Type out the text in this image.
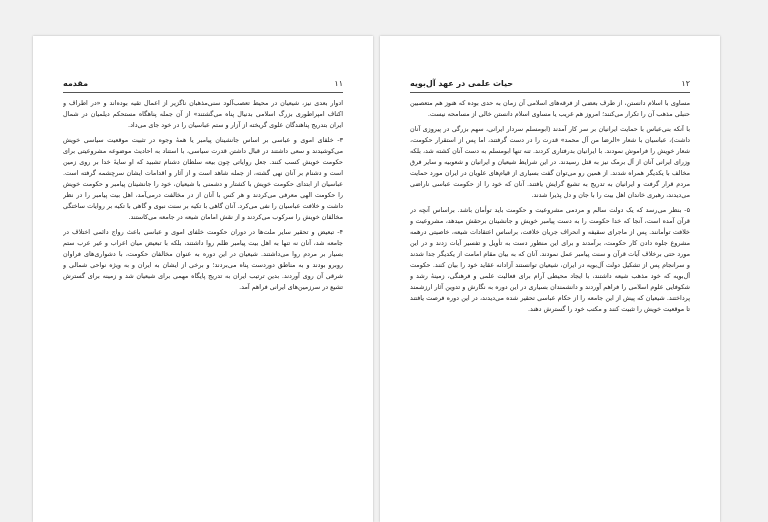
۱۱
مقدمه

ادوار بعدی نیز، شیعیان در محیط تعصب‌آلود سنی‌مذهبان ناگزیر از اعمال تقیه بوده‌اند و «در اطراف و اکناف امپراطوری بزرگ اسلامی بدنیال پناه می‌گشتند» از آن جمله پناهگاه مستحکم دیلمیان در شمال ایران بتدریج پناهندگان علوی گریخته از آزار و ستم عباسیان را در خود جای می‌داد.

۳- خلفای اموی و عباسی بر اساس جانشینان پیامبر یا همهٔ وجوه در تثبیت موقعیت سیاسی خویش می‌کوشیدند و سعی داشتند در قبال داشتن قدرت سیاسی، با استناد به احادیث موضوعه مشروعیتی برای حکومت خویش کسب کنند. جعل روایاتی چون بیعه سلطان دشنام تشبید که او سایهٔ خدا بر روی زمین است و دشنام بر آنان نهی گشته، از جمله شاهد است و از آثار و اقدامات ایشان سرچشمه گرفته است. عباسیان از ابتدای حکومت خویش با کشتار و دشمنی با شیعیان، خود را جانشینان پیامبر و حکومت خویش را حکومت الهی معرفی می‌کردند و هر کس با آنان از در مخالفت درمی‌آمد، اهل بیت پیامبر را در نظر داشت و خلافت عباسیان را نفی می‌کرد. آنان گاهی با تکیه بر سنت نبوی و گاهی با تکیه بر روایات ساختگی مخالفان خویش را سرکوب می‌کردند و از نقش امامان شیعه در جامعه می‌کاستند.

۴- تبعیض و تحقیر سایر ملت‌ها در دوران حکومت خلفای اموی و عباسی باعث رواج دائمی اختلاف در جامعه شد، آنان نه تنها به اهل بیت پیامبر ظلم روا داشتند، بلکه با تبعیض میان اعراب و غیر عرب ستم بسیار بر مردم روا می‌داشتند. شیعیان در این دوره به عنوان مخالفان حکومت، با دشواری‌های فراوان روبرو بودند و به مناطق دوردست پناه می‌بردند؛ و برخی از ایشان به ایران و به ویژه نواحی شمالی و شرقی آن روی آوردند. بدین ترتیب ایران به تدریج پایگاه مهمی برای شیعیان شد و زمینه برای گسترش تشیع در سرزمین‌های ایرانی فراهم آمد.

۱۲
حیات علمی در عهد آل‌بویه

مساوی با اسلام دانستن، از طرف بعضی از فرقه‌های اسلامی آن زمان به حدی بوده که هنوز هم متعصبین حنبلی مذهب آن را تکرار می‌کنند؛ امروز هم غریب یا مساوی اسلام دانستن خالی از مسامحه نیست.

با آنکه بنی‌عباس با حمایت ایرانیان بر سر کار آمدند (ابومسلم سردار ایرانی، سهم بزرگی در پیروزی آنان داشت)، عباسیان با شعار «الرضا من آل محمد» قدرت را در دست گرفتند، اما پس از استقرار حکومت، شعار خویش را فراموش نمودند. با ایرانیان بدرفتاری کردند. تنه تنها ابومسلم به دست آنان کشته شد، بلکه وزرای ایرانی آنان از آل برمک نیز به قتل رسیدند. در این شرایط شیعیان و ایرانیان و شعوبیه و سایر فرق مخالف با یکدیگر همراه شدند. از همین رو می‌توان گفت بسیاری از قیام‌های علویان در ایران مورد حمایت مردم قرار گرفت و ایرانیان به تدریج به تشیع گرایش یافتند. آنان که خود را از حکومت عباسی ناراضی می‌دیدند، رهبری خاندان اهل بیت را با جان و دل پذیرا شدند.

۵- بنظر می‌رسد که یک دولت سالم و مردمی مشروعیت و حکومت باید توأمان باشد. براساس آنچه در قرآن آمده است، آنجا که خدا حکومت را به دست پیامبر خویش و جانشینان برحقش میدهد، مشروعیت و خلافت توأمانند. پس از ماجرای سقیفه و انحراف جریان خلافت، براساس اعتقادات شیعه، خاصیتی درهمه مشروع جلوه دادن کار حکومت، برآمدند و برای این منظور دست به تأویل و تفسیر آیات زدند و در این مورد حتی برخلاف آیات قرآن و سنت پیامبر عمل نمودند. آنان که به بیان مقام امامت از یکدیگر جدا شدند و سرانجام پس از تشکیل دولت آل‌بویه در ایران، شیعیان توانستند آزادانه عقاید خود را بیان کنند. حکومت آل‌بویه که خود مذهب شیعه داشتند، با ایجاد محیطی آرام برای فعالیت علمی و فرهنگی، زمینهٔ رشد و شکوفایی علوم اسلامی را فراهم آوردند و دانشمندان بسیاری در این دوره به نگارش و تدوین آثار ارزشمند پرداختند. شیعیان که پیش از این جامعه را از حکام عباسی تحقیر شده می‌دیدند، در این دوره فرصت یافتند تا موقعیت خویش را تثبیت کنند و مکتب خود را گسترش دهند.
